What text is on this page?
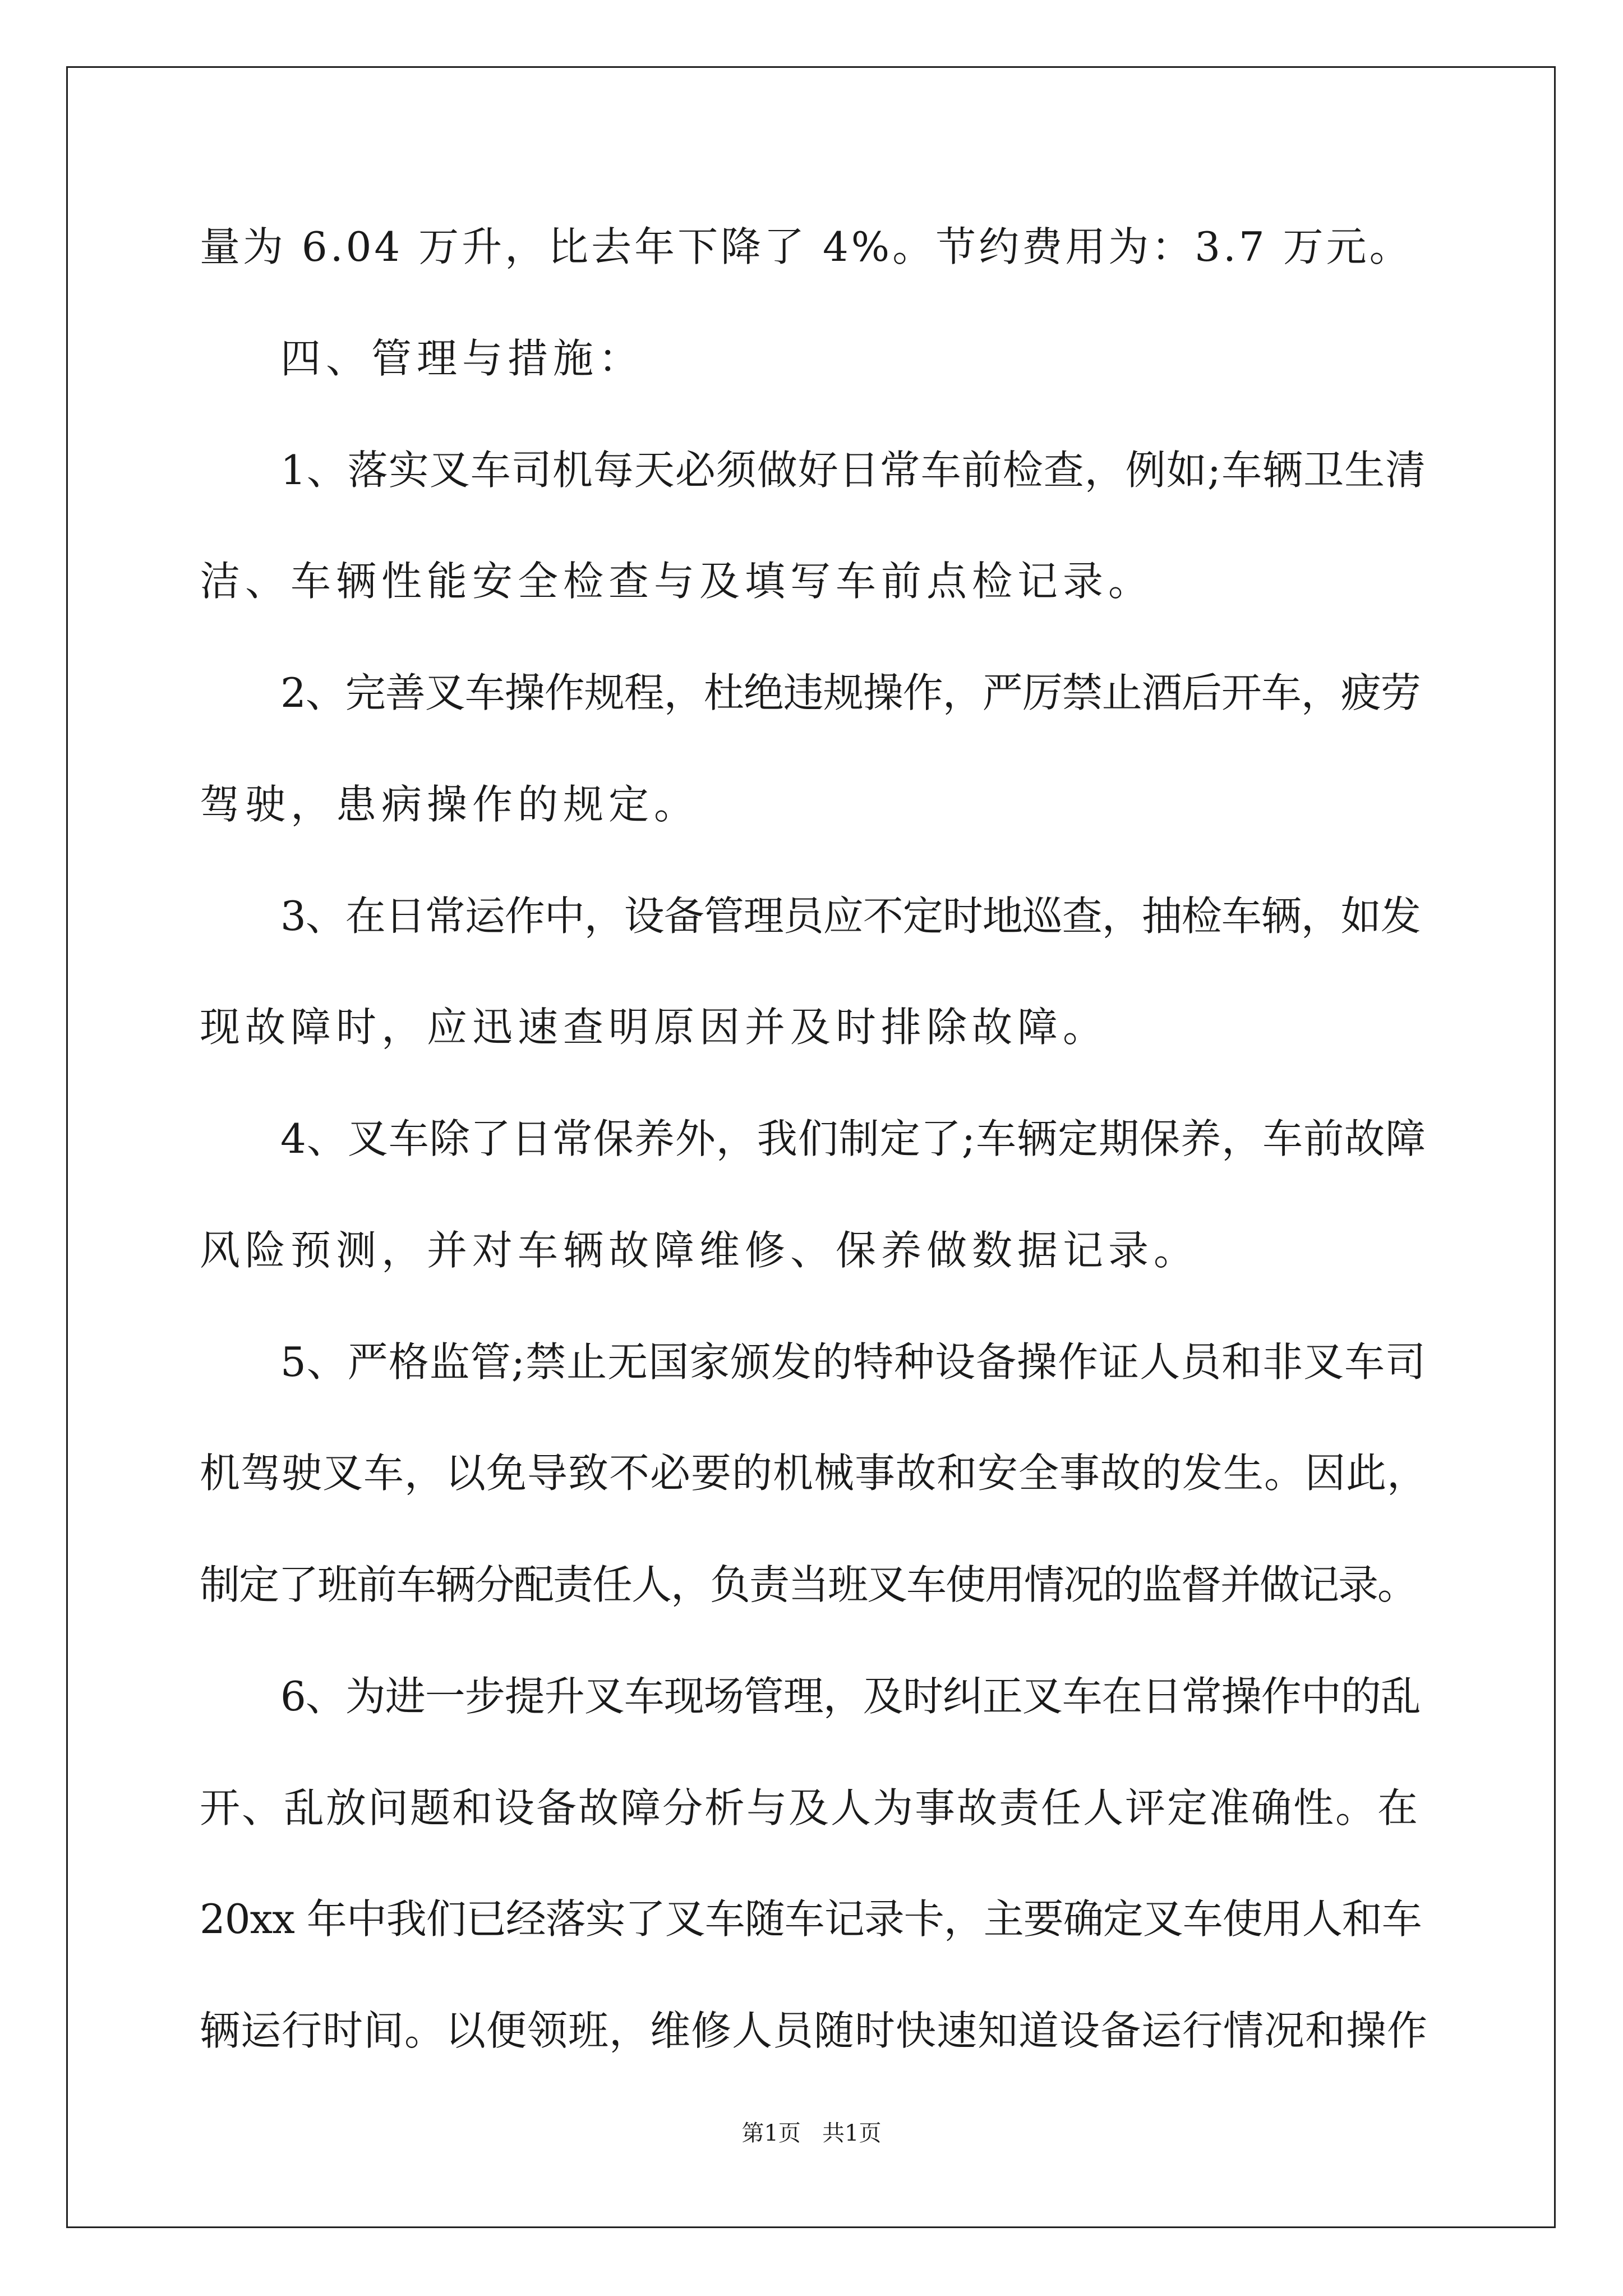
量为 6.04 万升，比去年下降了 4%。节约费用为：3.7 万元。
四、管理与措施：
1、落实叉车司机每天必须做好日常车前检查，例如;车辆卫生清
洁、车辆性能安全检查与及填写车前点检记录。
2、完善叉车操作规程，杜绝违规操作，严厉禁止酒后开车，疲劳
驾驶，患病操作的规定。
3、在日常运作中，设备管理员应不定时地巡查，抽检车辆，如发
现故障时，应迅速查明原因并及时排除故障。
4、叉车除了日常保养外，我们制定了;车辆定期保养，车前故障
风险预测，并对车辆故障维修、保养做数据记录。
5、严格监管;禁止无国家颁发的特种设备操作证人员和非叉车司
机驾驶叉车，以免导致不必要的机械事故和安全事故的发生。因此，
制定了班前车辆分配责任人，负责当班叉车使用情况的监督并做记录。
6、为进一步提升叉车现场管理，及时纠正叉车在日常操作中的乱
开、乱放问题和设备故障分析与及人为事故责任人评定准确性。在
20xx 年中我们已经落实了叉车随车记录卡，主要确定叉车使用人和车
辆运行时间。以便领班，维修人员随时快速知道设备运行情况和操作
第1页   共1页
